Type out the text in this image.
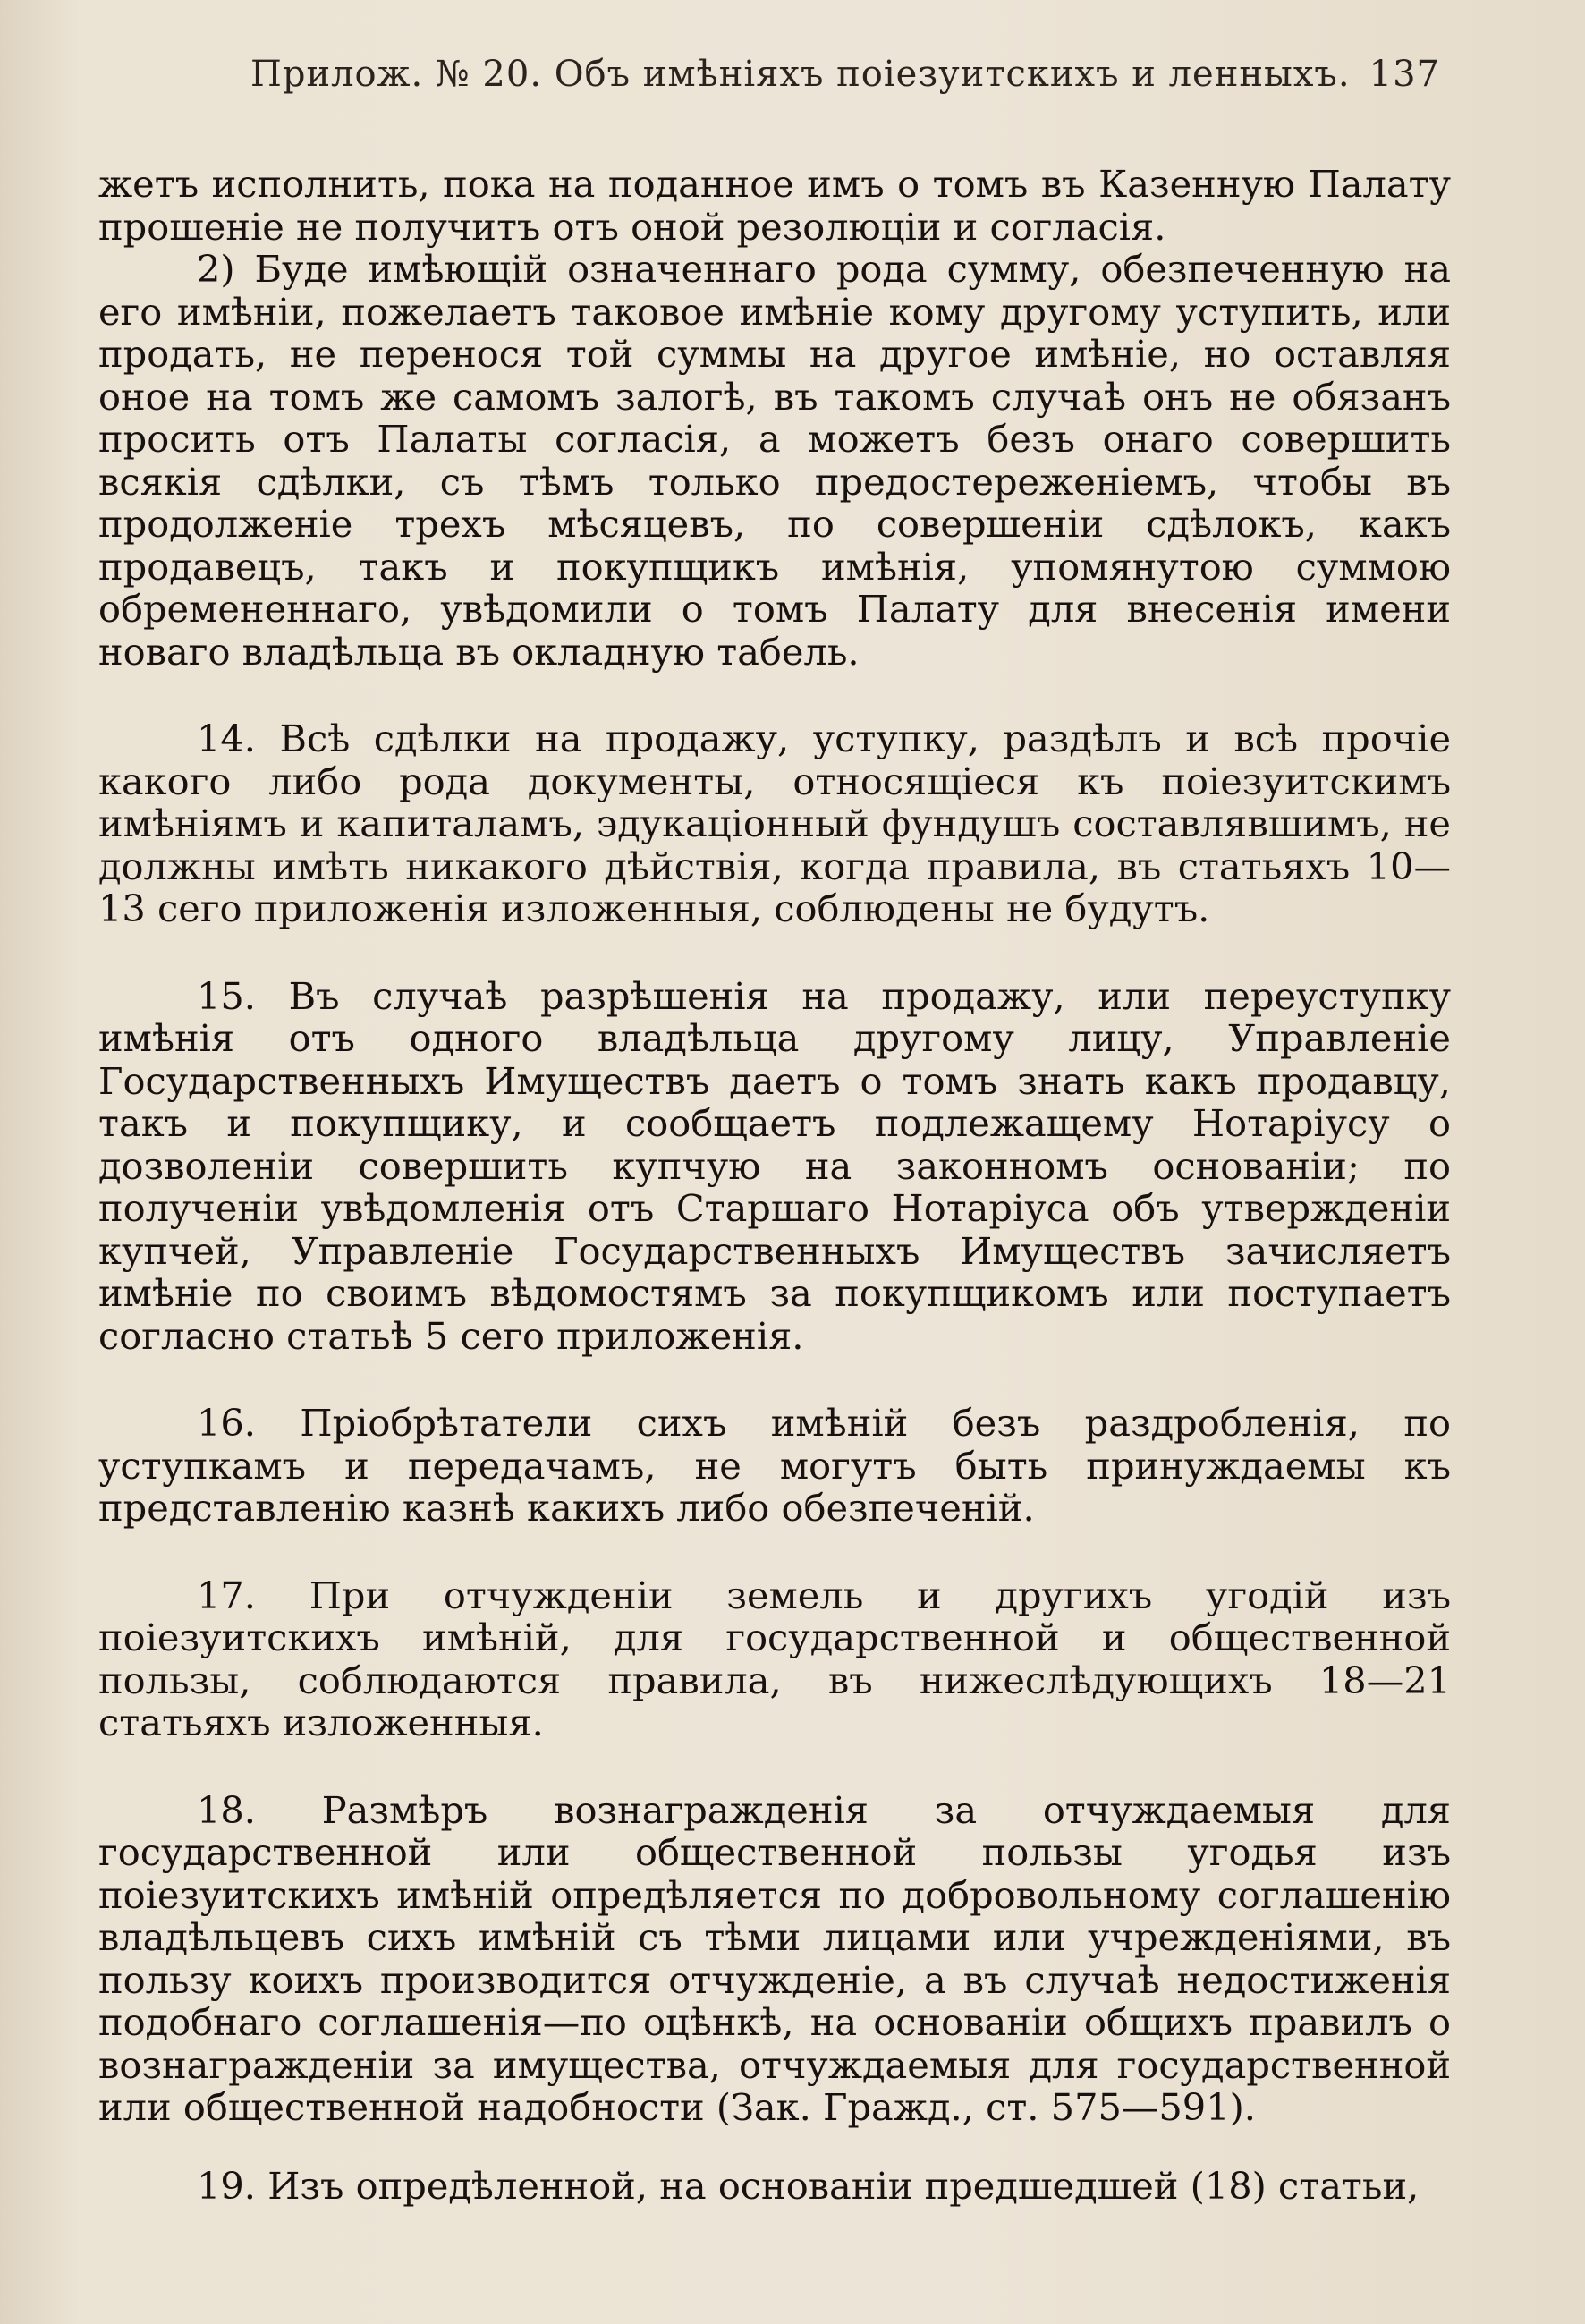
Прилож. № 20. Объ имѣніяхъ поiезуитскихъ и ленныхъ. 137

жетъ исполнить, пока на поданное имъ о томъ въ Казенную Палату прошеніе не получитъ отъ оной резолюціи и согласія.

2) Буде имѣющій означеннаго рода сумму, обезпеченную на его имѣніи, пожелаетъ таковое имѣніе кому другому уступить, или продать, не перенося той суммы на другое имѣніе, но оставляя оное на томъ же самомъ залогѣ, въ такомъ случаѣ онъ не обязанъ просить отъ Палаты согласія, а можетъ безъ онаго совершить всякія сдѣлки, съ тѣмъ только предостереженіемъ, чтобы въ продолженіе трехъ мѣсяцевъ, по совершеніи сдѣлокъ, какъ продавецъ, такъ и покупщикъ имѣнія, упомянутою суммою обремененнаго, увѣдомили о томъ Палату для внесенія имени новаго владѣльца въ окладную табель.

14. Всѣ сдѣлки на продажу, уступку, раздѣлъ и всѣ прочіе какого либо рода документы, относящіеся къ поiезуитскимъ имѣніямъ и капиталамъ, эдукаціонный фундушъ составлявшимъ, не должны имѣть никакого дѣйствія, когда правила, въ статьяхъ 10—13 сего приложенія изложенныя, соблюдены не будутъ.

15. Въ случаѣ разрѣшенія на продажу, или переуступку имѣнія отъ одного владѣльца другому лицу, Управленіе Государственныхъ Имуществъ даетъ о томъ знать какъ продавцу, такъ и покупщику, и сообщаетъ подлежащему Нотаріусу о дозволеніи совершить купчую на законномъ основаніи; по полученіи увѣдомленія отъ Старшаго Нотаріуса объ утвержденіи купчей, Управленіе Государственныхъ Имуществъ зачисляетъ имѣніе по своимъ вѣдомостямъ за покупщикомъ или поступаетъ согласно статьѣ 5 сего приложенія.

16. Пріобрѣтатели сихъ имѣній безъ раздробленія, по уступкамъ и передачамъ, не могутъ быть принуждаемы къ представленію казнѣ какихъ либо обезпеченій.

17. При отчужденіи земель и другихъ угодій изъ поiезуитскихъ имѣній, для государственной и общественной пользы, соблюдаются правила, въ нижеслѣдующихъ 18—21 статьяхъ изложенныя.

18. Размѣръ вознагражденія за отчуждаемыя для государственной или общественной пользы угодья изъ поiезуитскихъ имѣній опредѣляется по добровольному соглашенію владѣльцевъ сихъ имѣній съ тѣми лицами или учрежденіями, въ пользу коихъ производится отчужденіе, а въ случаѣ недостиженія подобнаго соглашенія—по оцѣнкѣ, на основаніи общихъ правилъ о вознагражденіи за имущества, отчуждаемыя для государственной или общественной надобности (Зак. Гражд., ст. 575—591).

19. Изъ опредѣленной, на основаніи предшедшей (18) статьи,
